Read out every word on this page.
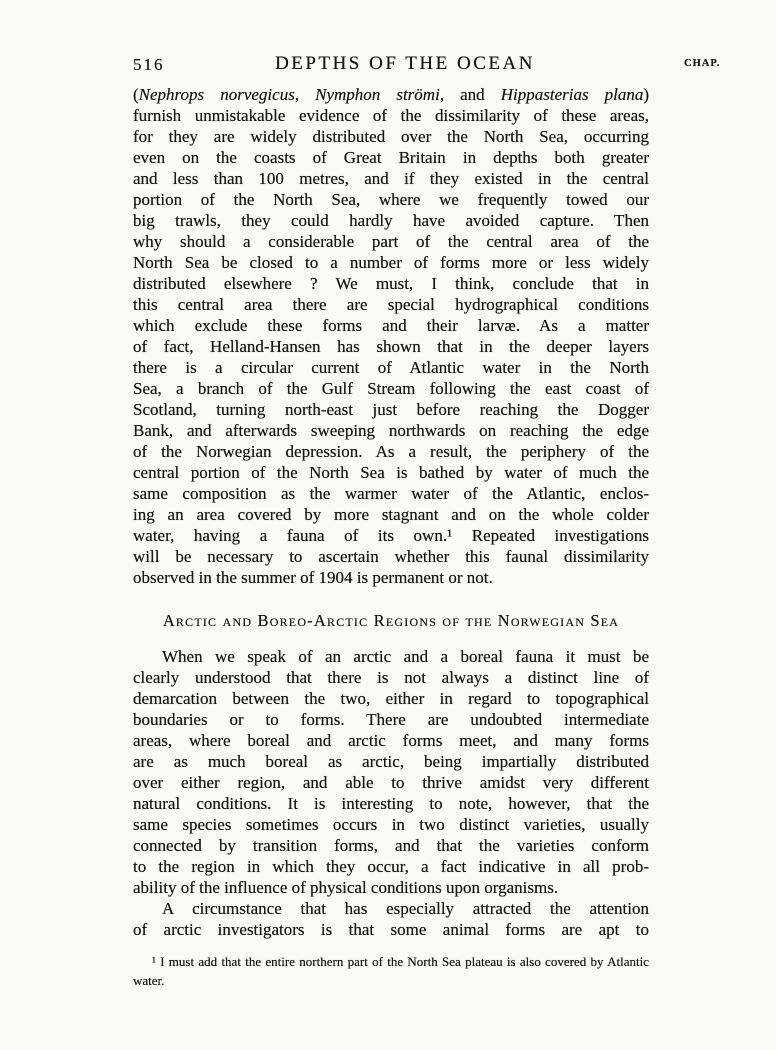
516	DEPTHS OF THE OCEAN	CHAP.
(Nephrops norvegicus, Nymphon strömi, and Hippasterias plana)
furnish unmistakable evidence of the dissimilarity of these areas,
for they are widely distributed over the North Sea, occurring
even on the coasts of Great Britain in depths both greater
and less than 100 metres, and if they existed in the central
portion of the North Sea, where we frequently towed our
big trawls, they could hardly have avoided capture. Then
why should a considerable part of the central area of the
North Sea be closed to a number of forms more or less widely
distributed elsewhere ? We must, I think, conclude that in
this central area there are special hydrographical conditions
which exclude these forms and their larvæ. As a matter
of fact, Helland-Hansen has shown that in the deeper layers
there is a circular current of Atlantic water in the North
Sea, a branch of the Gulf Stream following the east coast of
Scotland, turning north-east just before reaching the Dogger
Bank, and afterwards sweeping northwards on reaching the edge
of the Norwegian depression. As a result, the periphery of the
central portion of the North Sea is bathed by water of much the
same composition as the warmer water of the Atlantic, enclos-
ing an area covered by more stagnant and on the whole colder
water, having a fauna of its own.¹ Repeated investigations
will be necessary to ascertain whether this faunal dissimilarity
observed in the summer of 1904 is permanent or not.
Arctic and Boreo-Arctic Regions of the Norwegian Sea
When we speak of an arctic and a boreal fauna it must be
clearly understood that there is not always a distinct line of
demarcation between the two, either in regard to topographical
boundaries or to forms. There are undoubted intermediate
areas, where boreal and arctic forms meet, and many forms
are as much boreal as arctic, being impartially distributed
over either region, and able to thrive amidst very different
natural conditions. It is interesting to note, however, that the
same species sometimes occurs in two distinct varieties, usually
connected by transition forms, and that the varieties conform
to the region in which they occur, a fact indicative in all prob-
ability of the influence of physical conditions upon organisms.
A circumstance that has especially attracted the attention
of arctic investigators is that some animal forms are apt to
¹ I must add that the entire northern part of the North Sea plateau is also covered by Atlantic
water.
